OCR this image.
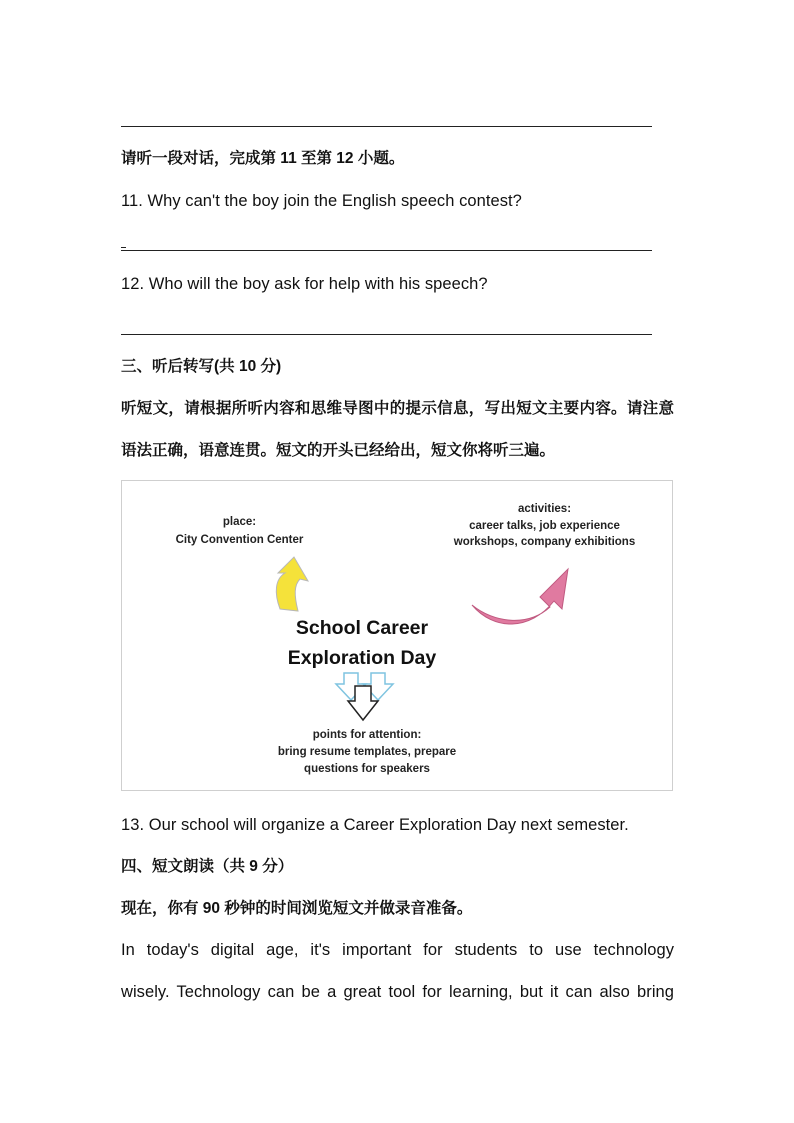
请听一段对话，完成第 11 至第 12 小题。
11. Why can't the boy join the English speech contest?
12. Who will the boy ask for help with his speech?
三、听后转写(共 10 分)
听短文，请根据所听内容和思维导图中的提示信息，写出短文主要内容。请注意
语法正确，语意连贯。短文的开头已经给出，短文你将听三遍。
place:
City Convention Center
activities:
career talks, job experience
workshops, company exhibitions
School Career
Exploration Day
points for attention:
bring resume templates, prepare
questions for speakers
13. Our school will organize a Career Exploration Day next semester.
四、短文朗读（共 9 分）
现在，你有 90 秒钟的时间浏览短文并做录音准备。
In today's digital age, it's important for students to use technology
wisely. Technology can be a great tool for learning, but it can also bring
